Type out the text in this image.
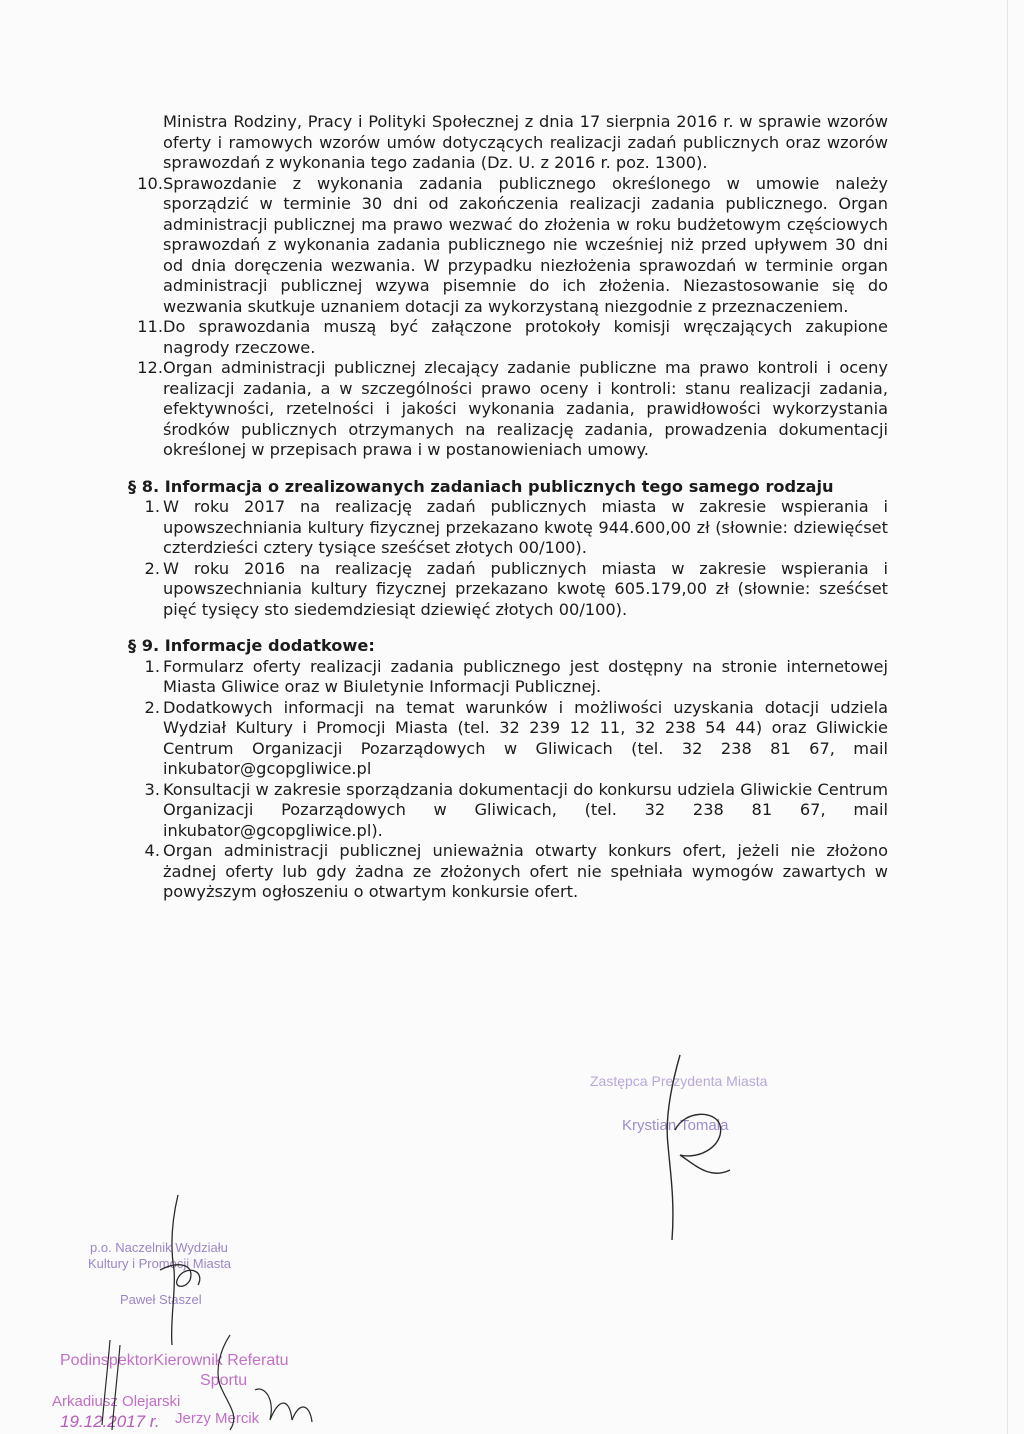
Ministra Rodziny, Pracy i Polityki Społecznej z dnia 17 sierpnia 2016 r. w sprawie wzorów oferty i ramowych wzorów umów dotyczących realizacji zadań publicznych oraz wzorów sprawozdań z wykonania tego zadania (Dz. U. z 2016 r. poz. 1300).

10. Sprawozdanie z wykonania zadania publicznego określonego w umowie należy sporządzić w terminie 30 dni od zakończenia realizacji zadania publicznego. Organ administracji publicznej ma prawo wezwać do złożenia w roku budżetowym częściowych sprawozdań z wykonania zadania publicznego nie wcześniej niż przed upływem 30 dni od dnia doręczenia wezwania. W przypadku niezłożenia sprawozdań w terminie organ administracji publicznej wzywa pisemnie do ich złożenia. Niezastosowanie się do wezwania skutkuje uznaniem dotacji za wykorzystaną niezgodnie z przeznaczeniem.
11. Do sprawozdania muszą być załączone protokoły komisji wręczających zakupione nagrody rzeczowe.
12. Organ administracji publicznej zlecający zadanie publiczne ma prawo kontroli i oceny realizacji zadania, a w szczególności prawo oceny i kontroli: stanu realizacji zadania, efektywności, rzetelności i jakości wykonania zadania, prawidłowości wykorzystania środków publicznych otrzymanych na realizację zadania, prowadzenia dokumentacji określonej w przepisach prawa i w postanowieniach umowy.

§ 8. Informacja o zrealizowanych zadaniach publicznych tego samego rodzaju

1. W roku 2017 na realizację zadań publicznych miasta w zakresie wspierania i upowszechniania kultury fizycznej przekazano kwotę 944.600,00 zł (słownie: dziewięćset czterdzieści cztery tysiące sześćset złotych 00/100).
2. W roku 2016 na realizację zadań publicznych miasta w zakresie wspierania i upowszechniania kultury fizycznej przekazano kwotę 605.179,00 zł (słownie: sześćset pięć tysięcy sto siedemdziesiąt dziewięć złotych 00/100).

§ 9. Informacje dodatkowe:

1. Formularz oferty realizacji zadania publicznego jest dostępny na stronie internetowej Miasta Gliwice oraz w Biuletynie Informacji Publicznej.
2. Dodatkowych informacji na temat warunków i możliwości uzyskania dotacji udziela Wydział Kultury i Promocji Miasta (tel. 32 239 12 11, 32 238 54 44) oraz Gliwickie Centrum Organizacji Pozarządowych w Gliwicach (tel. 32 238 81 67, mail inkubator@gcopgliwice.pl
3. Konsultacji w zakresie sporządzania dokumentacji do konkursu udziela Gliwickie Centrum Organizacji Pozarządowych w Gliwicach, (tel. 32 238 81 67, mail inkubator@gcopgliwice.pl).
4. Organ administracji publicznej unieważnia otwarty konkurs ofert, jeżeli nie złożono żadnej oferty lub gdy żadna ze złożonych ofert nie spełniała wymogów zawartych w powyższym ogłoszeniu o otwartym konkursie ofert.
Zastępca Prezydenta Miasta
Krystian Tomala
p.o. Naczelnik Wydziału
Kultury i Promocji Miasta
Paweł Staszel
PodinspektorKierownik Referatu
Sportu
Arkadiusz Olejarski
Jerzy Mercik
19.12.2017 r.
